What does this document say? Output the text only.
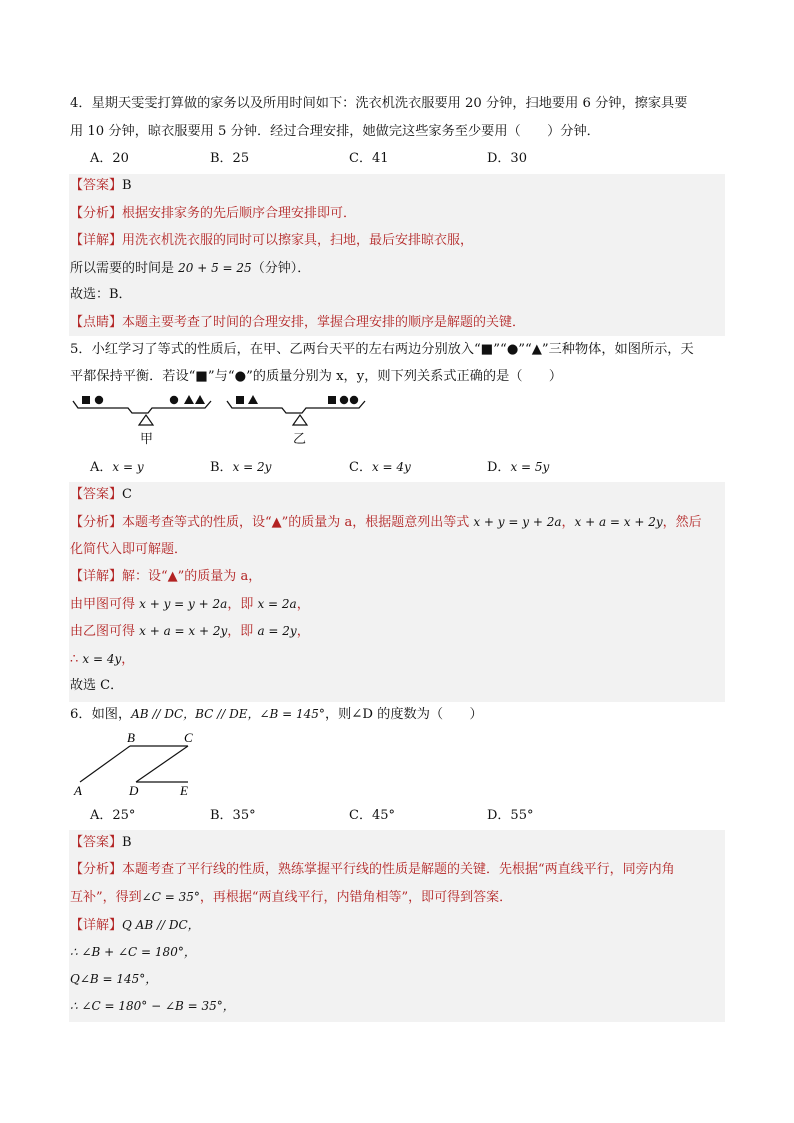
4．星期天雯雯打算做的家务以及所用时间如下：洗衣机洗衣服要用 20 分钟，扫地要用 6 分钟，擦家具要
用 10 分钟，晾衣服要用 5 分钟．经过合理安排，她做完这些家务至少要用（　　）分钟．
A．20	B．25	C．41	D．30
【答案】B
【分析】根据安排家务的先后顺序合理安排即可．
【详解】用洗衣机洗衣服的同时可以擦家具，扫地，最后安排晾衣服，
所以需要的时间是 20 + 5 = 25（分钟）．
故选：B．
【点睛】本题主要考查了时间的合理安排，掌握合理安排的顺序是解题的关键．
5．小红学习了等式的性质后，在甲、乙两台天平的左右两边分别放入“■”“●”“▲”三种物体，如图所示，天
平都保持平衡．若设“■”与“●”的质量分别为 x，y，则下列关系式正确的是（　　）
甲	乙
A．x = y	B．x = 2y	C．x = 4y	D．x = 5y
【答案】C
【分析】本题考查等式的性质，设“▲”的质量为 a，根据题意列出等式 x + y = y + 2a，x + a = x + 2y，然后
化简代入即可解题．
【详解】解：设“▲”的质量为 a，
由甲图可得 x + y = y + 2a，即 x = 2a，
由乙图可得 x + a = x + 2y，即 a = 2y，
∴ x = 4y，
故选 C．
6．如图，AB // DC，BC // DE，∠B = 145°，则∠D 的度数为（　　）
B	C
A	D	E
A．25°	B．35°	C．45°	D．55°
【答案】B
【分析】本题考查了平行线的性质，熟练掌握平行线的性质是解题的关键．先根据“两直线平行，同旁内角
互补”，得到∠C = 35°，再根据“两直线平行，内错角相等”，即可得到答案．
【详解】Q AB // DC，
∴ ∠B + ∠C = 180°，
Q∠B = 145°，
∴ ∠C = 180° − ∠B = 35°，
